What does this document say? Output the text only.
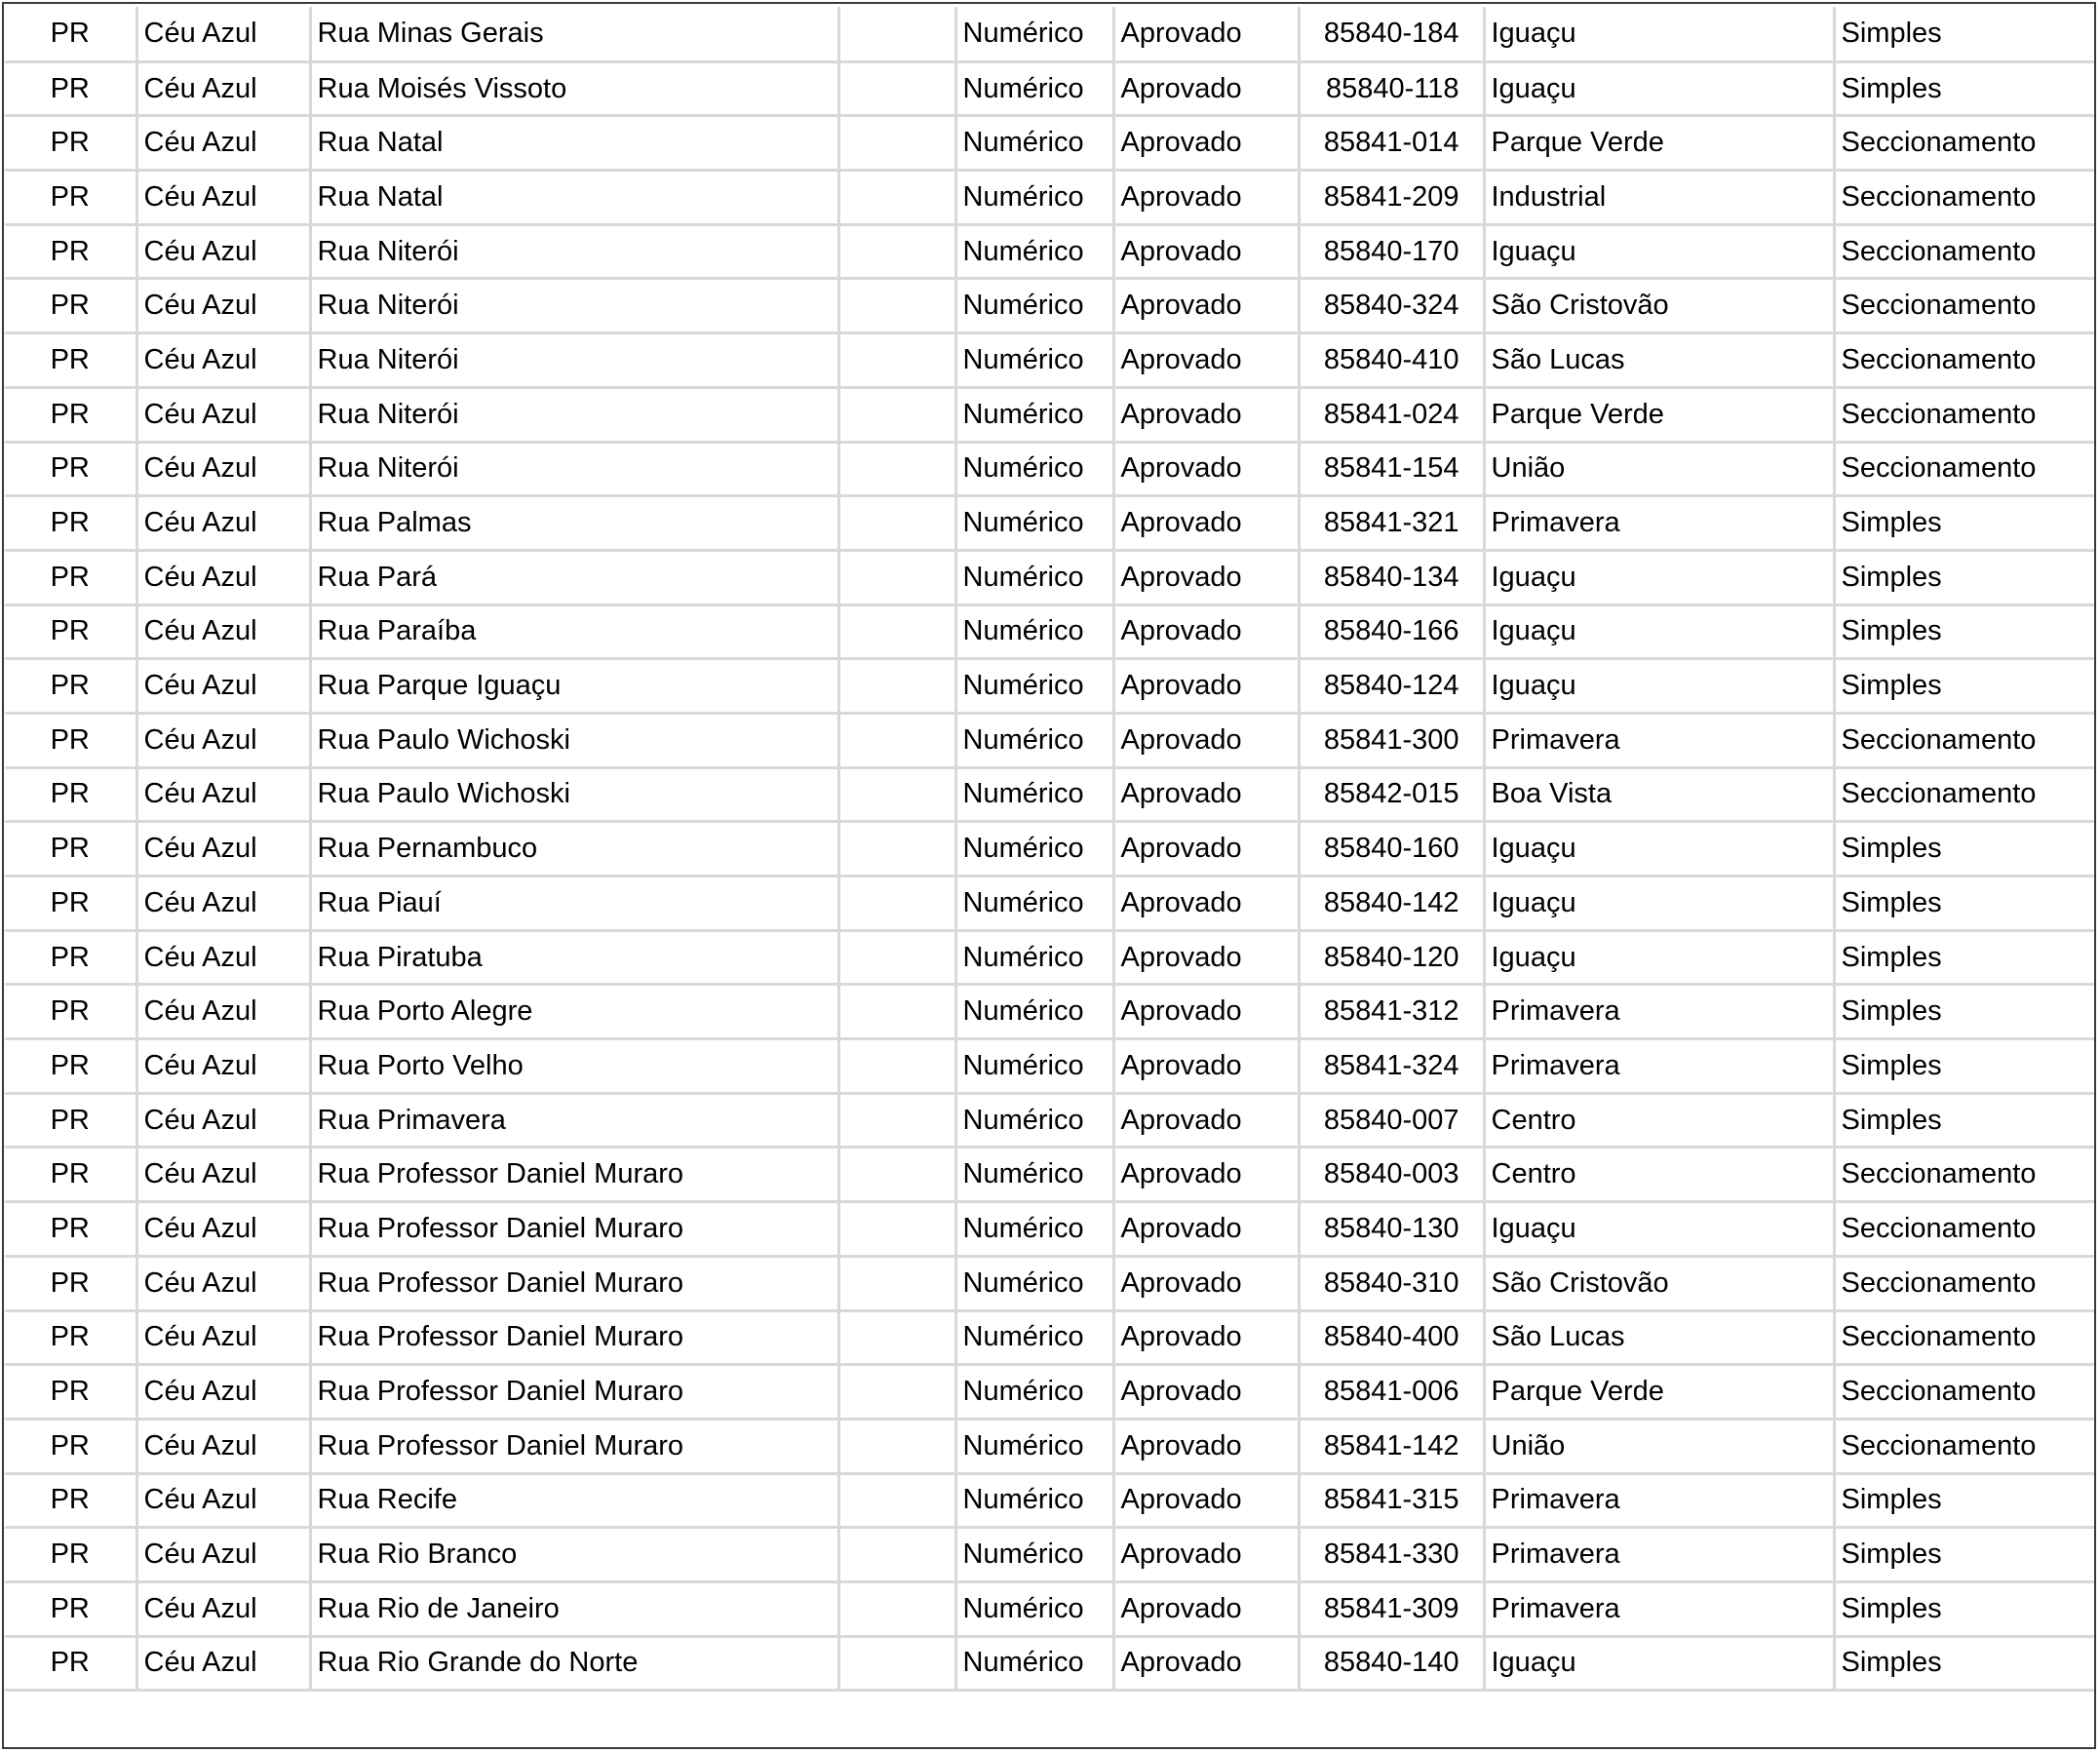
PR	Céu Azul	Rua Minas Gerais		Numérico	Aprovado	85840-184	Iguaçu	Simples
PR	Céu Azul	Rua Moisés Vissoto		Numérico	Aprovado	85840-118	Iguaçu	Simples
PR	Céu Azul	Rua Natal		Numérico	Aprovado	85841-014	Parque Verde	Seccionamento
PR	Céu Azul	Rua Natal		Numérico	Aprovado	85841-209	Industrial	Seccionamento
PR	Céu Azul	Rua Niterói		Numérico	Aprovado	85840-170	Iguaçu	Seccionamento
PR	Céu Azul	Rua Niterói		Numérico	Aprovado	85840-324	São Cristovão	Seccionamento
PR	Céu Azul	Rua Niterói		Numérico	Aprovado	85840-410	São Lucas	Seccionamento
PR	Céu Azul	Rua Niterói		Numérico	Aprovado	85841-024	Parque Verde	Seccionamento
PR	Céu Azul	Rua Niterói		Numérico	Aprovado	85841-154	União	Seccionamento
PR	Céu Azul	Rua Palmas		Numérico	Aprovado	85841-321	Primavera	Simples
PR	Céu Azul	Rua Pará		Numérico	Aprovado	85840-134	Iguaçu	Simples
PR	Céu Azul	Rua Paraíba		Numérico	Aprovado	85840-166	Iguaçu	Simples
PR	Céu Azul	Rua Parque Iguaçu		Numérico	Aprovado	85840-124	Iguaçu	Simples
PR	Céu Azul	Rua Paulo Wichoski		Numérico	Aprovado	85841-300	Primavera	Seccionamento
PR	Céu Azul	Rua Paulo Wichoski		Numérico	Aprovado	85842-015	Boa Vista	Seccionamento
PR	Céu Azul	Rua Pernambuco		Numérico	Aprovado	85840-160	Iguaçu	Simples
PR	Céu Azul	Rua Piauí		Numérico	Aprovado	85840-142	Iguaçu	Simples
PR	Céu Azul	Rua Piratuba		Numérico	Aprovado	85840-120	Iguaçu	Simples
PR	Céu Azul	Rua Porto Alegre		Numérico	Aprovado	85841-312	Primavera	Simples
PR	Céu Azul	Rua Porto Velho		Numérico	Aprovado	85841-324	Primavera	Simples
PR	Céu Azul	Rua Primavera		Numérico	Aprovado	85840-007	Centro	Simples
PR	Céu Azul	Rua Professor Daniel Muraro		Numérico	Aprovado	85840-003	Centro	Seccionamento
PR	Céu Azul	Rua Professor Daniel Muraro		Numérico	Aprovado	85840-130	Iguaçu	Seccionamento
PR	Céu Azul	Rua Professor Daniel Muraro		Numérico	Aprovado	85840-310	São Cristovão	Seccionamento
PR	Céu Azul	Rua Professor Daniel Muraro		Numérico	Aprovado	85840-400	São Lucas	Seccionamento
PR	Céu Azul	Rua Professor Daniel Muraro		Numérico	Aprovado	85841-006	Parque Verde	Seccionamento
PR	Céu Azul	Rua Professor Daniel Muraro		Numérico	Aprovado	85841-142	União	Seccionamento
PR	Céu Azul	Rua Recife		Numérico	Aprovado	85841-315	Primavera	Simples
PR	Céu Azul	Rua Rio Branco		Numérico	Aprovado	85841-330	Primavera	Simples
PR	Céu Azul	Rua Rio de Janeiro		Numérico	Aprovado	85841-309	Primavera	Simples
PR	Céu Azul	Rua Rio Grande do Norte		Numérico	Aprovado	85840-140	Iguaçu	Simples
